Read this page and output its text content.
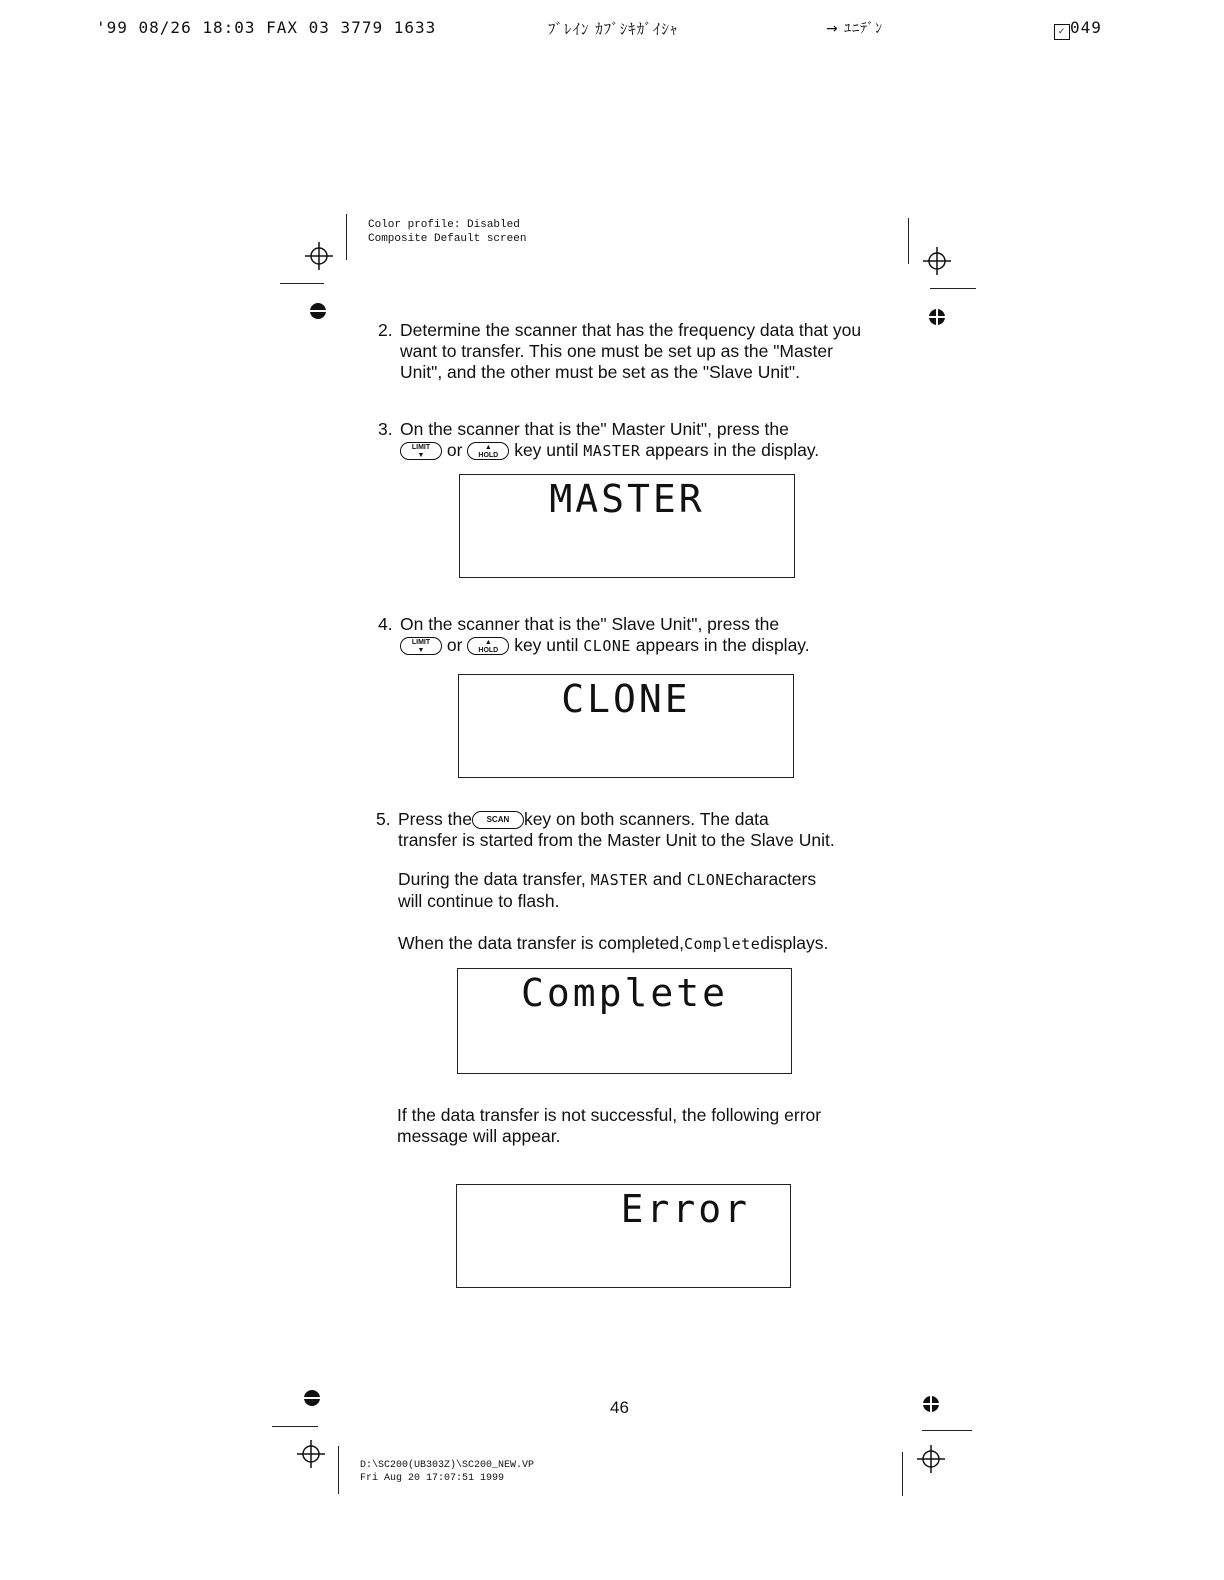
'99 08/26 18:03 FAX 03 3779 1633	ﾌﾞﾚｲﾝ ｶﾌﾞｼｷｶﾞｲｼｬ	→ ﾕﾆﾃﾞﾝ	✓ 049
Color profile: Disabled
Composite Default screen
2. Determine the scanner that has the frequency data that you want to transfer. This one must be set up as the "Master Unit", and the other must be set as the "Slave Unit".
3. On the scanner that is the" Master Unit", press the
LIMIT
▼ or	▲
HOLD key until MASTER appears in the display.
MASTER
4. On the scanner that is the" Slave Unit", press the
LIMIT
▼ or	▲
HOLD key until CLONE appears in the display.
CLONE
5. Press the SCAN key on both scanners. The data
transfer is started from the Master Unit to the Slave Unit.
During the data transfer, MASTER and CLONEcharacters
will continue to flash.
When the data transfer is completed,Completedisplays.
Complete
If the data transfer is not successful, the following error
message will appear.
Error
46
D:\SC200(UB303Z)\SC200_NEW.VP
Fri Aug 20 17:07:51 1999
